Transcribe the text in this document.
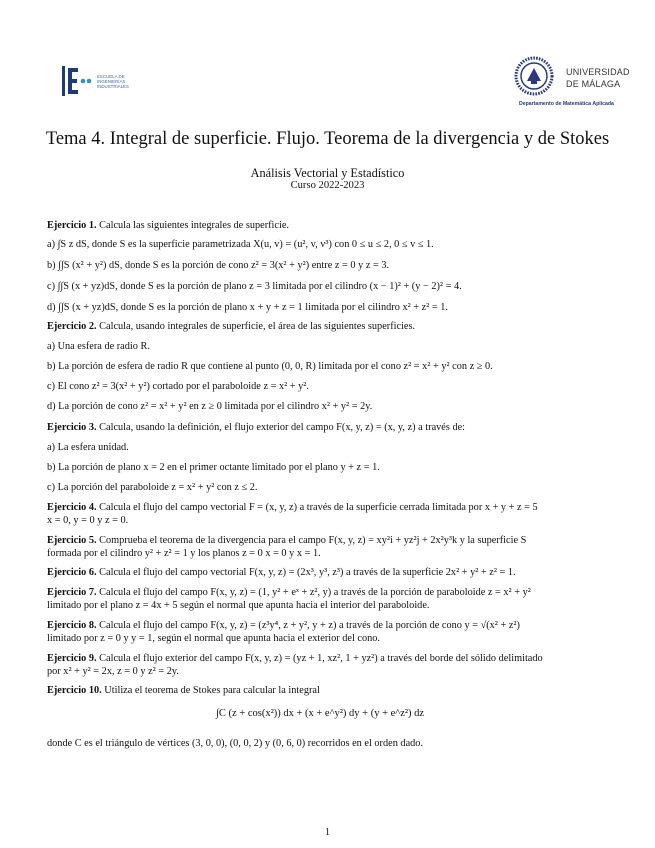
ESCUELA DE
INGENIERÍAS
INDUSTRIALES
UNIVERSIDAD
DE MÁLAGA
Departamento de Matemática Aplicada
Tema 4. Integral de superficie. Flujo. Teorema de la divergencia y de Stokes
Análisis Vectorial y Estadístico
Curso 2022-2023
Ejercicio 1. Calcula las siguientes integrales de superficie.
a) ∫S z dS, donde S es la superficie parametrizada X(u, v) = (u², v, v³) con 0 ≤ u ≤ 2, 0 ≤ v ≤ 1.
b) ∫∫S (x² + y²) dS, donde S es la porción de cono z² = 3(x² + y²) entre z = 0 y z = 3.
c) ∫∫S (x + yz)dS, donde S es la porción de plano z = 3 limitada por el cilindro (x − 1)² + (y − 2)² = 4.
d) ∫∫S (x + yz)dS, donde S es la porción de plano x + y + z = 1 limitada por el cilindro x² + z² = 1.
Ejercicio 2. Calcula, usando integrales de superficie, el área de las siguientes superficies.
a) Una esfera de radio R.
b) La porción de esfera de radio R que contiene al punto (0, 0, R) limitada por el cono z² = x² + y² con z ≥ 0.
c) El cono z² = 3(x² + y²) cortado por el paraboloide z = x² + y².
d) La porción de cono z² = x² + y² en z ≥ 0 limitada por el cilindro x² + y² = 2y.
Ejercicio 3. Calcula, usando la definición, el flujo exterior del campo F(x, y, z) = (x, y, z) a través de:
a) La esfera unidad.
b) La porción de plano x = 2 en el primer octante limitado por el plano y + z = 1.
c) La porción del paraboloide z = x² + y² con z ≤ 2.
Ejercicio 4. Calcula el flujo del campo vectorial F = (x, y, z) a través de la superficie cerrada limitada por x + y + z = 5
x = 0, y = 0 y z = 0.
Ejercicio 5. Comprueba el teorema de la divergencia para el campo F(x, y, z) = xy²i + yz²j + 2x²y³k y la superficie S
formada por el cilindro y² + z² = 1 y los planos z = 0 x = 0 y x = 1.
Ejercicio 6. Calcula el flujo del campo vectorial F(x, y, z) = (2x³, y³, z³) a través de la superficie 2x² + y² + z² = 1.
Ejercicio 7. Calcula el flujo del campo F(x, y, z) = (1, y² + eˣ + z², y) a través de la porción de paraboloide z = x² + y²
limitado por el plano z = 4x + 5 según el normal que apunta hacia el interior del paraboloide.
Ejercicio 8. Calcula el flujo del campo F(x, y, z) = (z³y⁴, z + y², y + z) a través de la porción de cono y = √(x² + z²)
limitado por z = 0 y y = 1, según el normal que apunta hacia el exterior del cono.
Ejercicio 9. Calcula el flujo exterior del campo F(x, y, z) = (yz + 1, xz², 1 + yz²) a través del borde del sólido delimitado
por x² + y² = 2x, z = 0 y z² = 2y.
Ejercicio 10. Utiliza el teorema de Stokes para calcular la integral
∫C (z + cos(x²)) dx + (x + e^y²) dy + (y + e^z²) dz
donde C es el triángulo de vértices (3, 0, 0), (0, 0, 2) y (0, 6, 0) recorridos en el orden dado.
1
